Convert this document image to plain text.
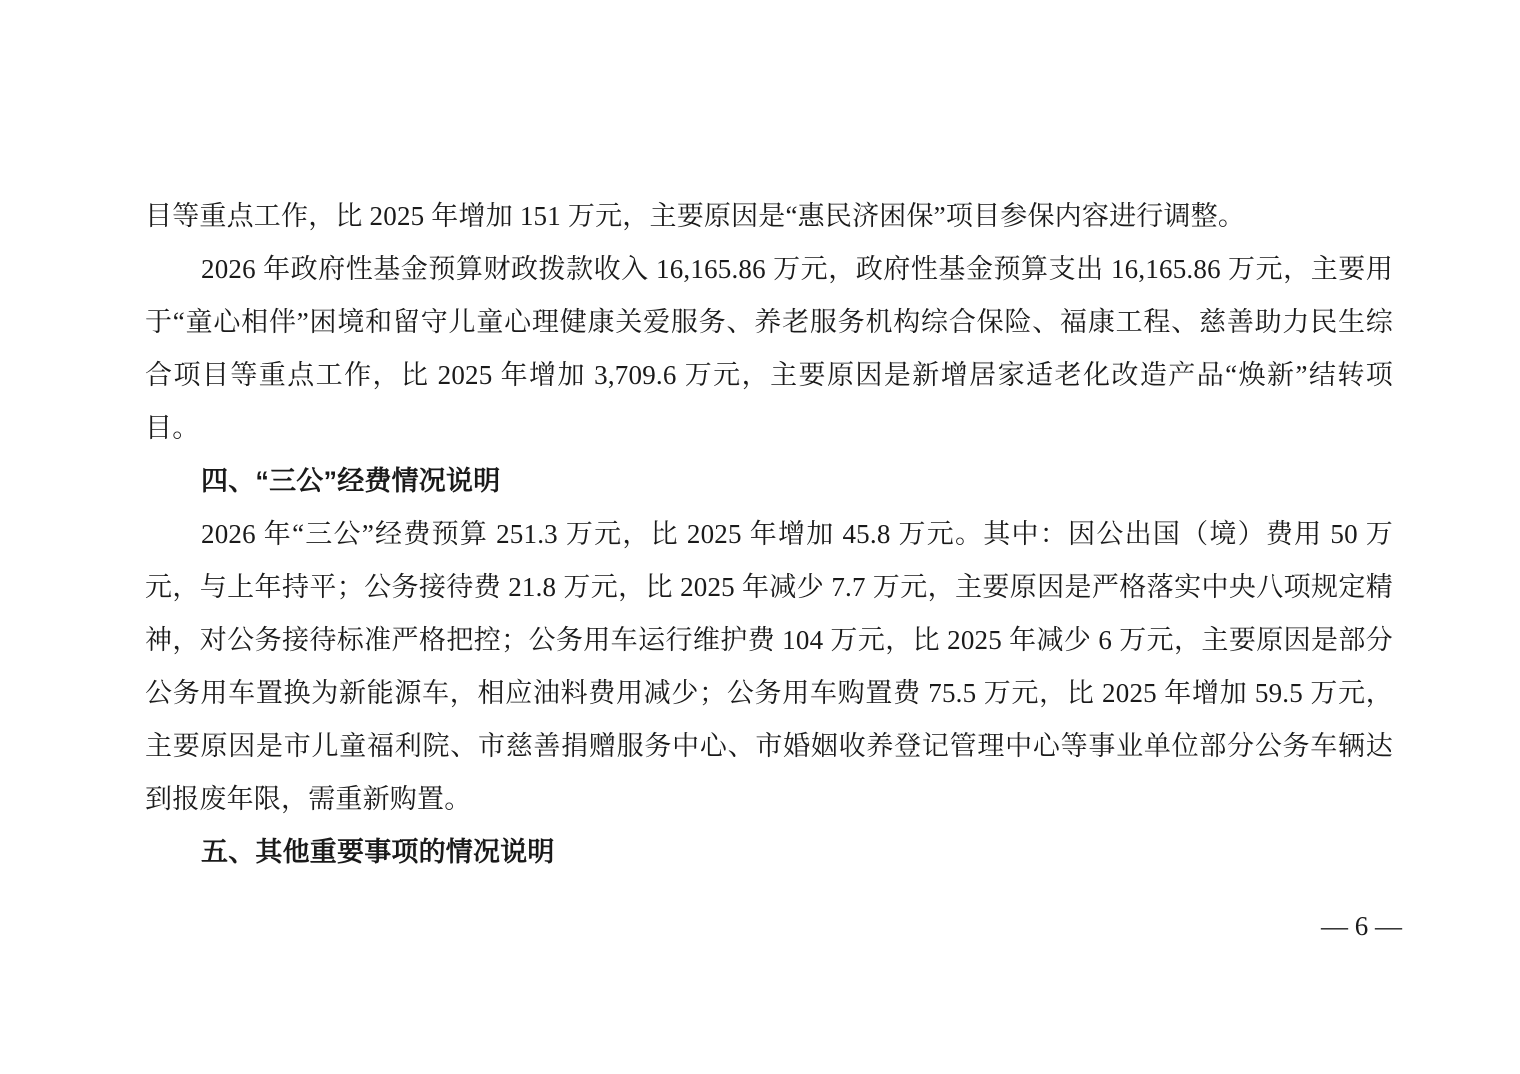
目等重点工作，比 2025 年增加 151 万元，主要原因是“惠民济困保”项目参保内容进行调整。

2026 年政府性基金预算财政拨款收入 16,165.86 万元，政府性基金预算支出 16,165.86 万元，主要用于“童心相伴”困境和留守儿童心理健康关爱服务、养老服务机构综合保险、福康工程、慈善助力民生综合项目等重点工作，比 2025 年增加 3,709.6 万元，主要原因是新增居家适老化改造产品“焕新”结转项目。

四、“三公”经费情况说明

2026 年“三公”经费预算 251.3 万元，比 2025 年增加 45.8 万元。其中：因公出国（境）费用 50 万元，与上年持平；公务接待费 21.8 万元，比 2025 年减少 7.7 万元，主要原因是严格落实中央八项规定精神，对公务接待标准严格把控；公务用车运行维护费 104 万元，比 2025 年减少 6 万元，主要原因是部分公务用车置换为新能源车，相应油料费用减少；公务用车购置费 75.5 万元，比 2025 年增加 59.5 万元，主要原因是市儿童福利院、市慈善捐赠服务中心、市婚姻收养登记管理中心等事业单位部分公务车辆达到报废年限，需重新购置。

五、其他重要事项的情况说明
— 6 —
